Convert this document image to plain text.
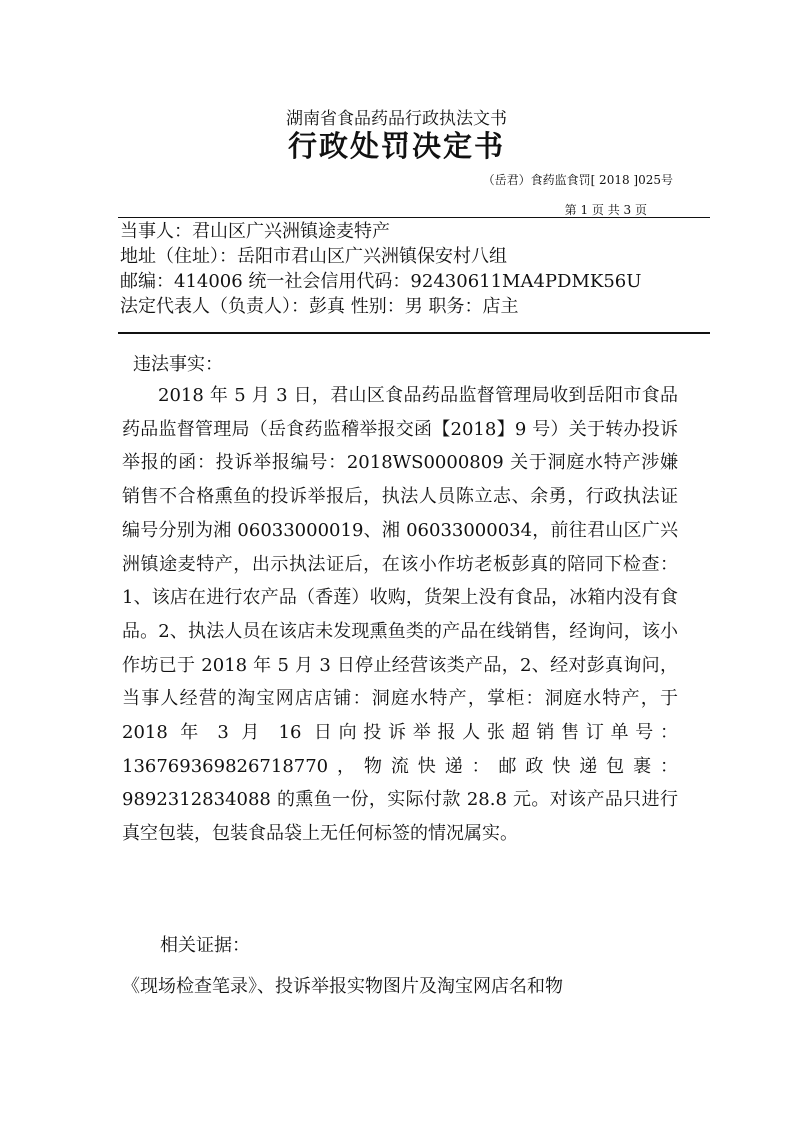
湖南省食品药品行政执法文书
行政处罚决定书
（岳君）食药监食罚[ 2018 ]025号
第 1 页 共 3 页
当事人：君山区广兴洲镇途麦特产
地址（住址）：岳阳市君山区广兴洲镇保安村八组
邮编：414006 统一社会信用代码：92430611MA4PDMK56U
法定代表人（负责人）：彭真 性别：男 职务：店主
违法事实：

2018 年 5 月 3 日，君山区食品药品监督管理局收到岳阳市食品药品监督管理局（岳食药监稽举报交函【2018】9 号）关于转办投诉举报的函：投诉举报编号：2018WS0000809 关于洞庭水特产涉嫌销售不合格熏鱼的投诉举报后，执法人员陈立志、余勇，行政执法证编号分别为湘 06033000019、湘 06033000034，前往君山区广兴洲镇途麦特产，出示执法证后，在该小作坊老板彭真的陪同下检查：1、该店在进行农产品（香莲）收购，货架上没有食品，冰箱内没有食品。2、执法人员在该店未发现熏鱼类的产品在线销售，经询问，该小作坊已于 2018 年 5 月 3 日停止经营该类产品，2、经对彭真询问，当事人经营的淘宝网店店铺：洞庭水特产，掌柜：洞庭水特产，于 2018 年 3 月 16 日向投诉举报人张超销售订单号：136769369826718770，物流快递：邮政快递包裹：9892312834088 的熏鱼一份，实际付款 28.8 元。对该产品只进行真空包装，包装食品袋上无任何标签的情况属实。

相关证据：
《现场检查笔录》、投诉举报实物图片及淘宝网店名和物
